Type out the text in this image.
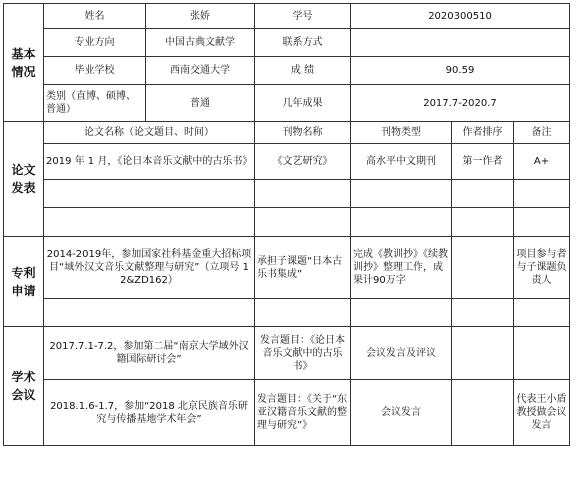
基本情况	姓名	张娇	学号	2020300510		
	专业方向	中国古典文献学	联系方式			
	毕业学校	西南交通大学	成 绩	90.59		
	类别（直博、硕博、普通）	普通	几年成果	2017.7-2020.7		
论文发表	论文名称（论文题目、时间）		刊物名称	刊物类型	作者排序	备注
	2019 年 1 月，《论日本音乐文献中的古乐书》		《文艺研究》	高水平中文期刊	第一作者	A+

专利申请	2014-2019年，参加国家社科基金重大招标项目“域外汉文音乐文献整理与研究”（立项号 12&ZD162）		承担子课题“日本古乐书集成”	完成《教训抄》《续教训抄》整理工作，成果计90万字		项目参与者与子课题负责人

学术会议	2017.7.1-7.2，参加第二届“南京大学域外汉籍国际研讨会”		发言题目：《论日本音乐文献中的古乐书》	会议发言及评议		
	2018.1.6-1.7，参加“2018 北京民族音乐研究与传播基地学术年会”		发言题目：《关于“东亚汉籍音乐文献的整理与研究”》	会议发言		代表王小盾教授做会议发言
